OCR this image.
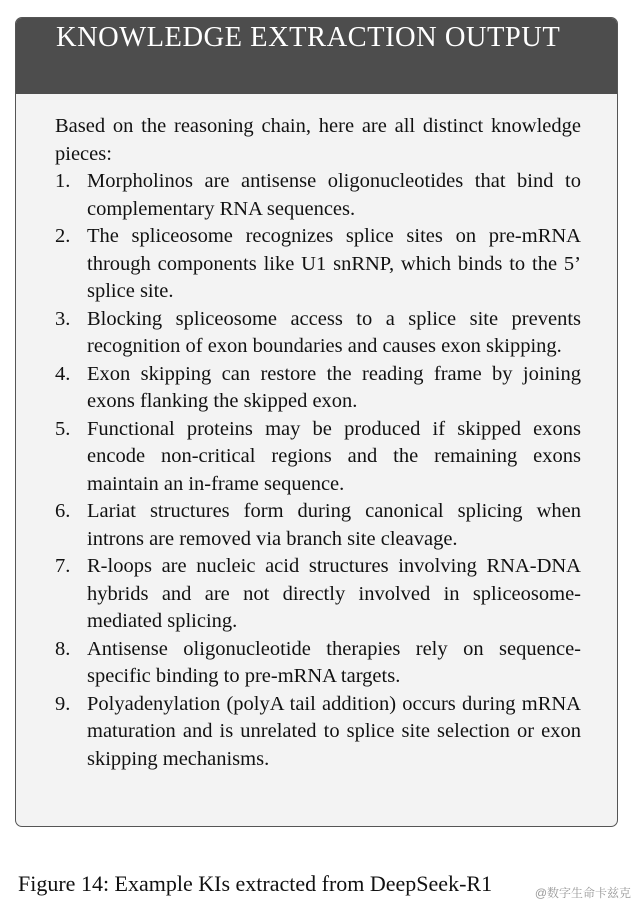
KNOWLEDGE EXTRACTION OUTPUT

Based on the reasoning chain, here are all distinct knowledge pieces:

1. Morpholinos are antisense oligonucleotides that bind to complementary RNA sequences.
2. The spliceosome recognizes splice sites on pre-mRNA through components like U1 snRNP, which binds to the 5’ splice site.
3. Blocking spliceosome access to a splice site prevents recognition of exon boundaries and causes exon skipping.
4. Exon skipping can restore the reading frame by joining exons flanking the skipped exon.
5. Functional proteins may be produced if skipped exons encode non-critical regions and the remaining exons maintain an in-frame sequence.
6. Lariat structures form during canonical splicing when introns are removed via branch site cleavage.
7. R-loops are nucleic acid structures involving RNA-DNA hybrids and are not directly involved in spliceosome-mediated splicing.
8. Antisense oligonucleotide therapies rely on sequence-specific binding to pre-mRNA targets.
9. Polyadenylation (polyA tail addition) occurs during mRNA maturation and is unrelated to splice site selection or exon skipping mechanisms.
Figure 14: Example KIs extracted from DeepSeek-R1	@数字生命卡兹克
